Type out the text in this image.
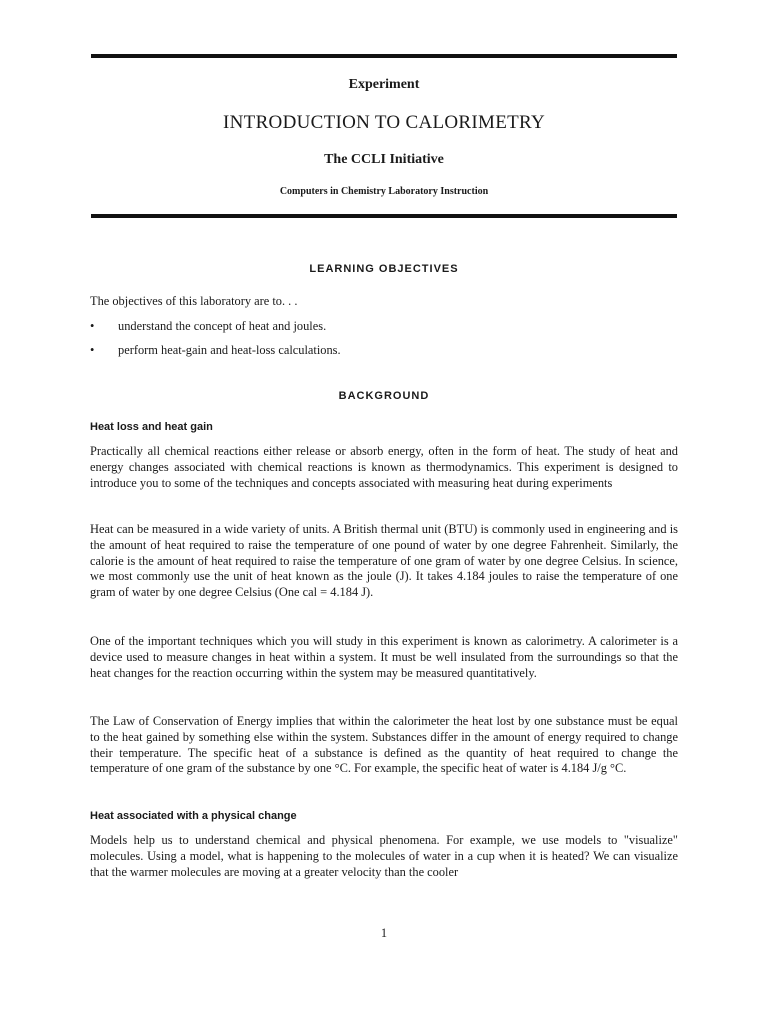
Experiment
INTRODUCTION TO CALORIMETRY
The CCLI Initiative
Computers in Chemistry Laboratory Instruction
LEARNING OBJECTIVES
The objectives of this laboratory are to. . .
• understand the concept of heat and joules.
• perform heat-gain and heat-loss calculations.
BACKGROUND
Heat loss and heat gain
Practically all chemical reactions either release or absorb energy, often in the form of heat. The study of heat and energy changes associated with chemical reactions is known as thermodynamics. This experiment is designed to introduce you to some of the techniques and concepts associated with measuring heat during experiments
Heat can be measured in a wide variety of units. A British thermal unit (BTU) is commonly used in engineering and is the amount of heat required to raise the temperature of one pound of water by one degree Fahrenheit. Similarly, the calorie is the amount of heat required to raise the temperature of one gram of water by one degree Celsius. In science, we most commonly use the unit of heat known as the joule (J). It takes 4.184 joules to raise the temperature of one gram of water by one degree Celsius (One cal = 4.184 J).
One of the important techniques which you will study in this experiment is known as calorimetry. A calorimeter is a device used to measure changes in heat within a system. It must be well insulated from the surroundings so that the heat changes for the reaction occurring within the system may be measured quantitatively.
The Law of Conservation of Energy implies that within the calorimeter the heat lost by one substance must be equal to the heat gained by something else within the system. Substances differ in the amount of energy required to change their temperature. The specific heat of a substance is defined as the quantity of heat required to change the temperature of one gram of the substance by one °C. For example, the specific heat of water is 4.184 J/g °C.
Heat associated with a physical change
Models help us to understand chemical and physical phenomena. For example, we use models to "visualize" molecules. Using a model, what is happening to the molecules of water in a cup when it is heated? We can visualize that the warmer molecules are moving at a greater velocity than the cooler
1
